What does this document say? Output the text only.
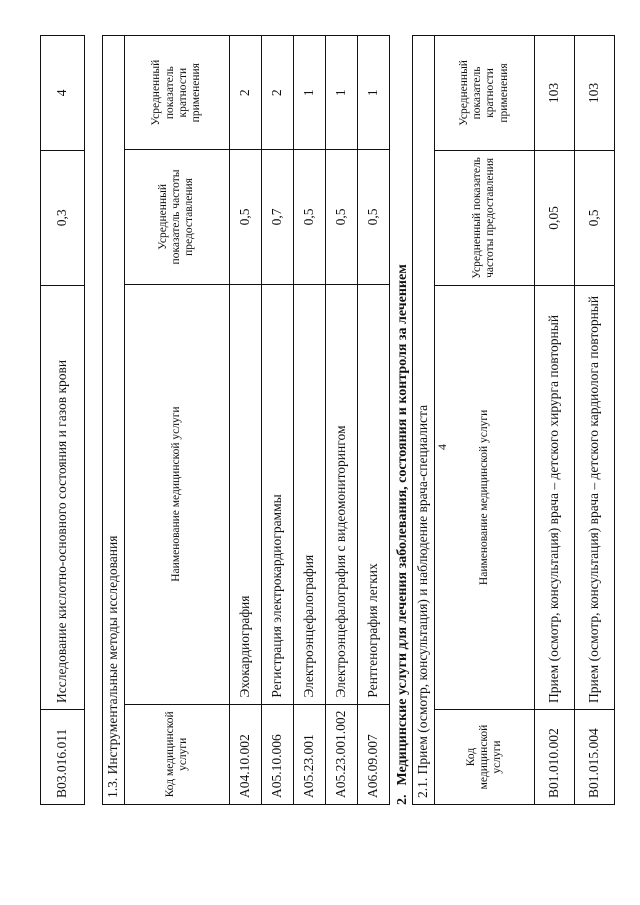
4
B03.016.011	Исследование кислотно-основного состояния и газов крови	0,3	4
1.3. Инструментальные методы исследования			
Код медицинской услуги	Наименование медицинской услуги	Усредненный показатель частоты предоставления	Усредненный показатель кратности применения
A04.10.002	Эхокардиография	0,5	2
A05.10.006	Регистрация электрокардиограммы	0,7	2
A05.23.001	Электроэнцефалография	0,5	1
A05.23.001.002	Электроэнцефалография с видеомониторингом	0,5	1
A06.09.007	Рентгенография легких	0,5	1
2. Медицинские услуги для лечения заболевания, состояния и контроля за лечением 2.1. Прием (осмотр, консультация) и наблюдение врача-специалиста			
Код медицинской услуги	Наименование медицинской услуги	Усредненный показатель частоты предоставления	Усредненный показатель кратности применения
B01.010.002	Прием (осмотр, консультация) врача – детского хирурга повторный	0,05	103
B01.015.004	Прием (осмотр, консультация) врача – детского кардиолога повторный	0,5	103
